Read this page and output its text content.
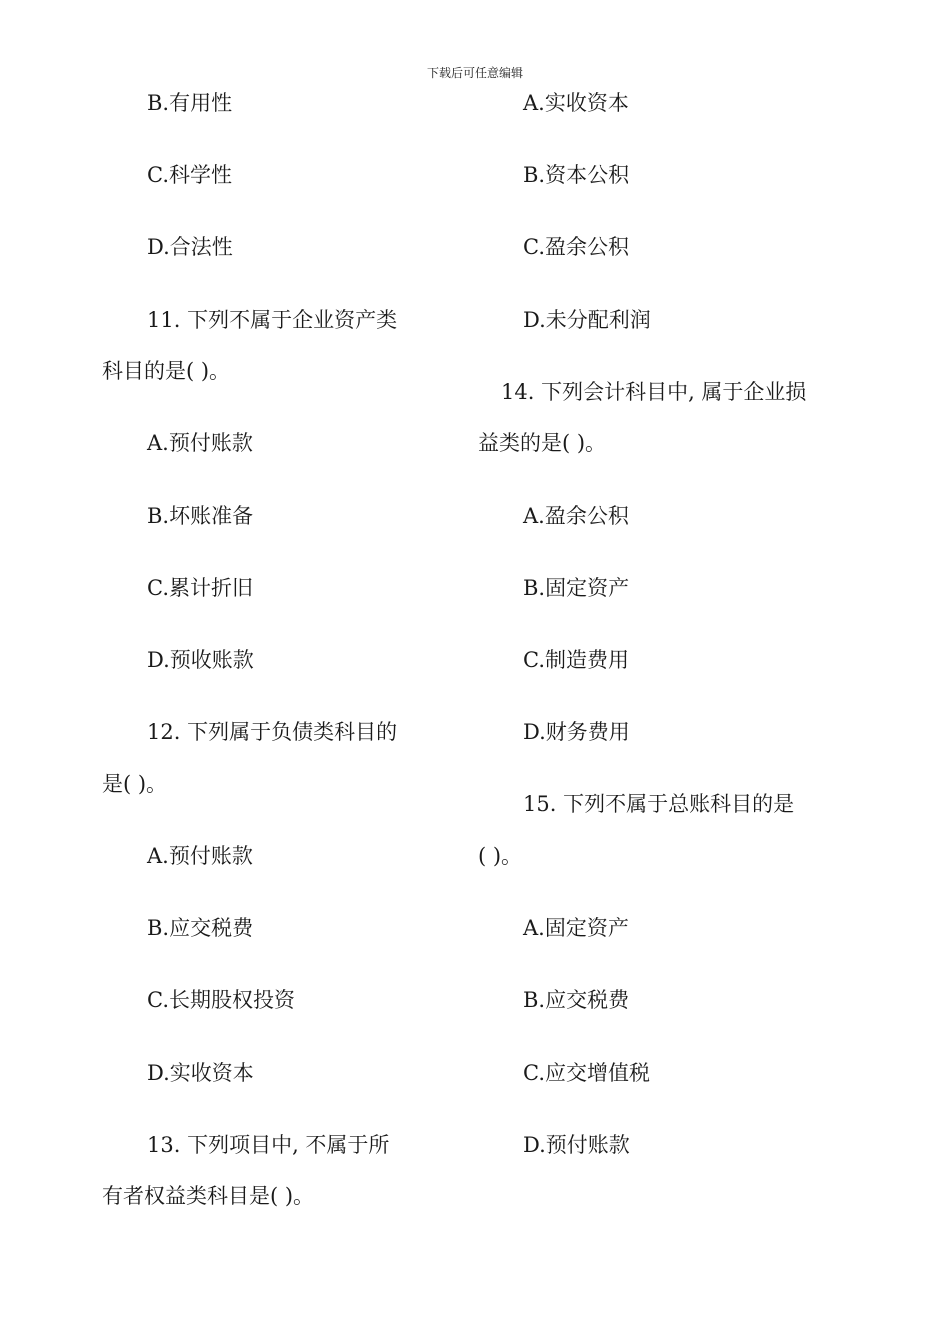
下载后可任意编辑
B.有用性
C.科学性
D.合法性
11. 下列不属于企业资产类
科目的是( )。
A.预付账款
B.坏账准备
C.累计折旧
D.预收账款
12. 下列属于负债类科目的
是( )。
A.预付账款
B.应交税费
C.长期股权投资
D.实收资本
13. 下列项目中, 不属于所
有者权益类科目是( )。
A.实收资本
B.资本公积
C.盈余公积
D.未分配利润
14. 下列会计科目中, 属于企业损
益类的是( )。
A.盈余公积
B.固定资产
C.制造费用
D.财务费用
15. 下列不属于总账科目的是
( )。
A.固定资产
B.应交税费
C.应交增值税
D.预付账款
